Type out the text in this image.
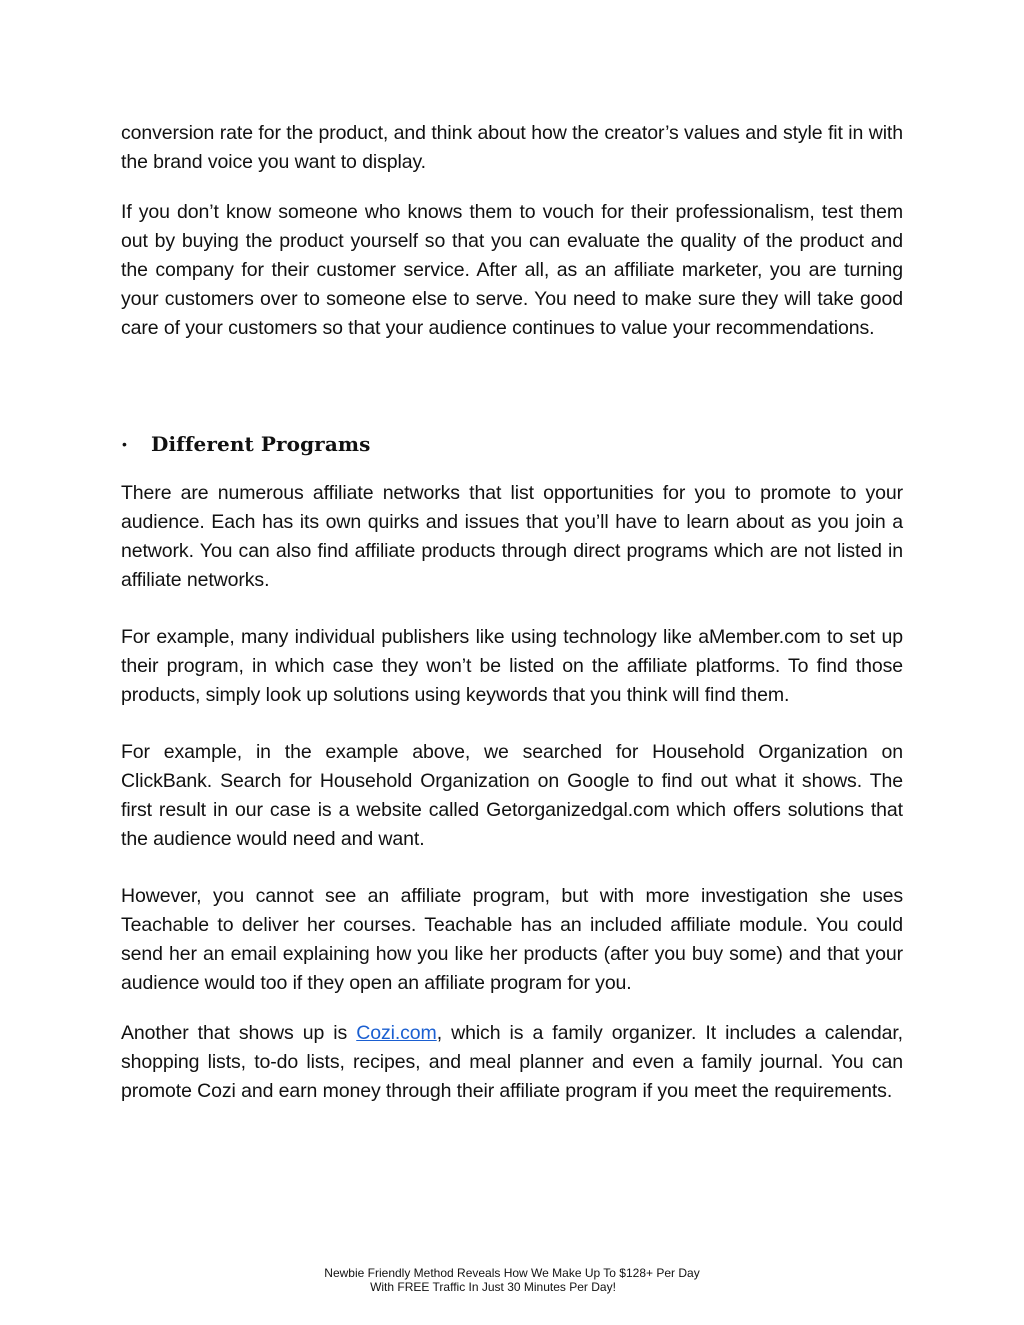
conversion rate for the product, and think about how the creator’s values and style fit in with the brand voice you want to display.

If you don’t know someone who knows them to vouch for their professionalism, test them out by buying the product yourself so that you can evaluate the quality of the product and the company for their customer service. After all, as an affiliate marketer, you are turning your customers over to someone else to serve. You need to make sure they will take good care of your customers so that your audience continues to value your recommendations.

•	Different Programs

There are numerous affiliate networks that list opportunities for you to promote to your audience. Each has its own quirks and issues that you’ll have to learn about as you join a network. You can also find affiliate products through direct programs which are not listed in affiliate networks.

For example, many individual publishers like using technology like aMember.com to set up their program, in which case they won’t be listed on the affiliate platforms. To find those products, simply look up solutions using keywords that you think will find them.

For example, in the example above, we searched for Household Organization on ClickBank. Search for Household Organization on Google to find out what it shows. The first result in our case is a website called Getorganizedgal.com which offers solutions that the audience would need and want.

However, you cannot see an affiliate program, but with more investigation she uses Teachable to deliver her courses. Teachable has an included affiliate module. You could send her an email explaining how you like her products (after you buy some) and that your audience would too if they open an affiliate program for you.

Another that shows up is Cozi.com, which is a family organizer. It includes a calendar, shopping lists, to-do lists, recipes, and meal planner and even a family journal. You can promote Cozi and earn money through their affiliate program if you meet the requirements.

Newbie Friendly Method Reveals How We Make Up To $128+ Per Day

With FREE Traffic In Just 30 Minutes Per Day!
